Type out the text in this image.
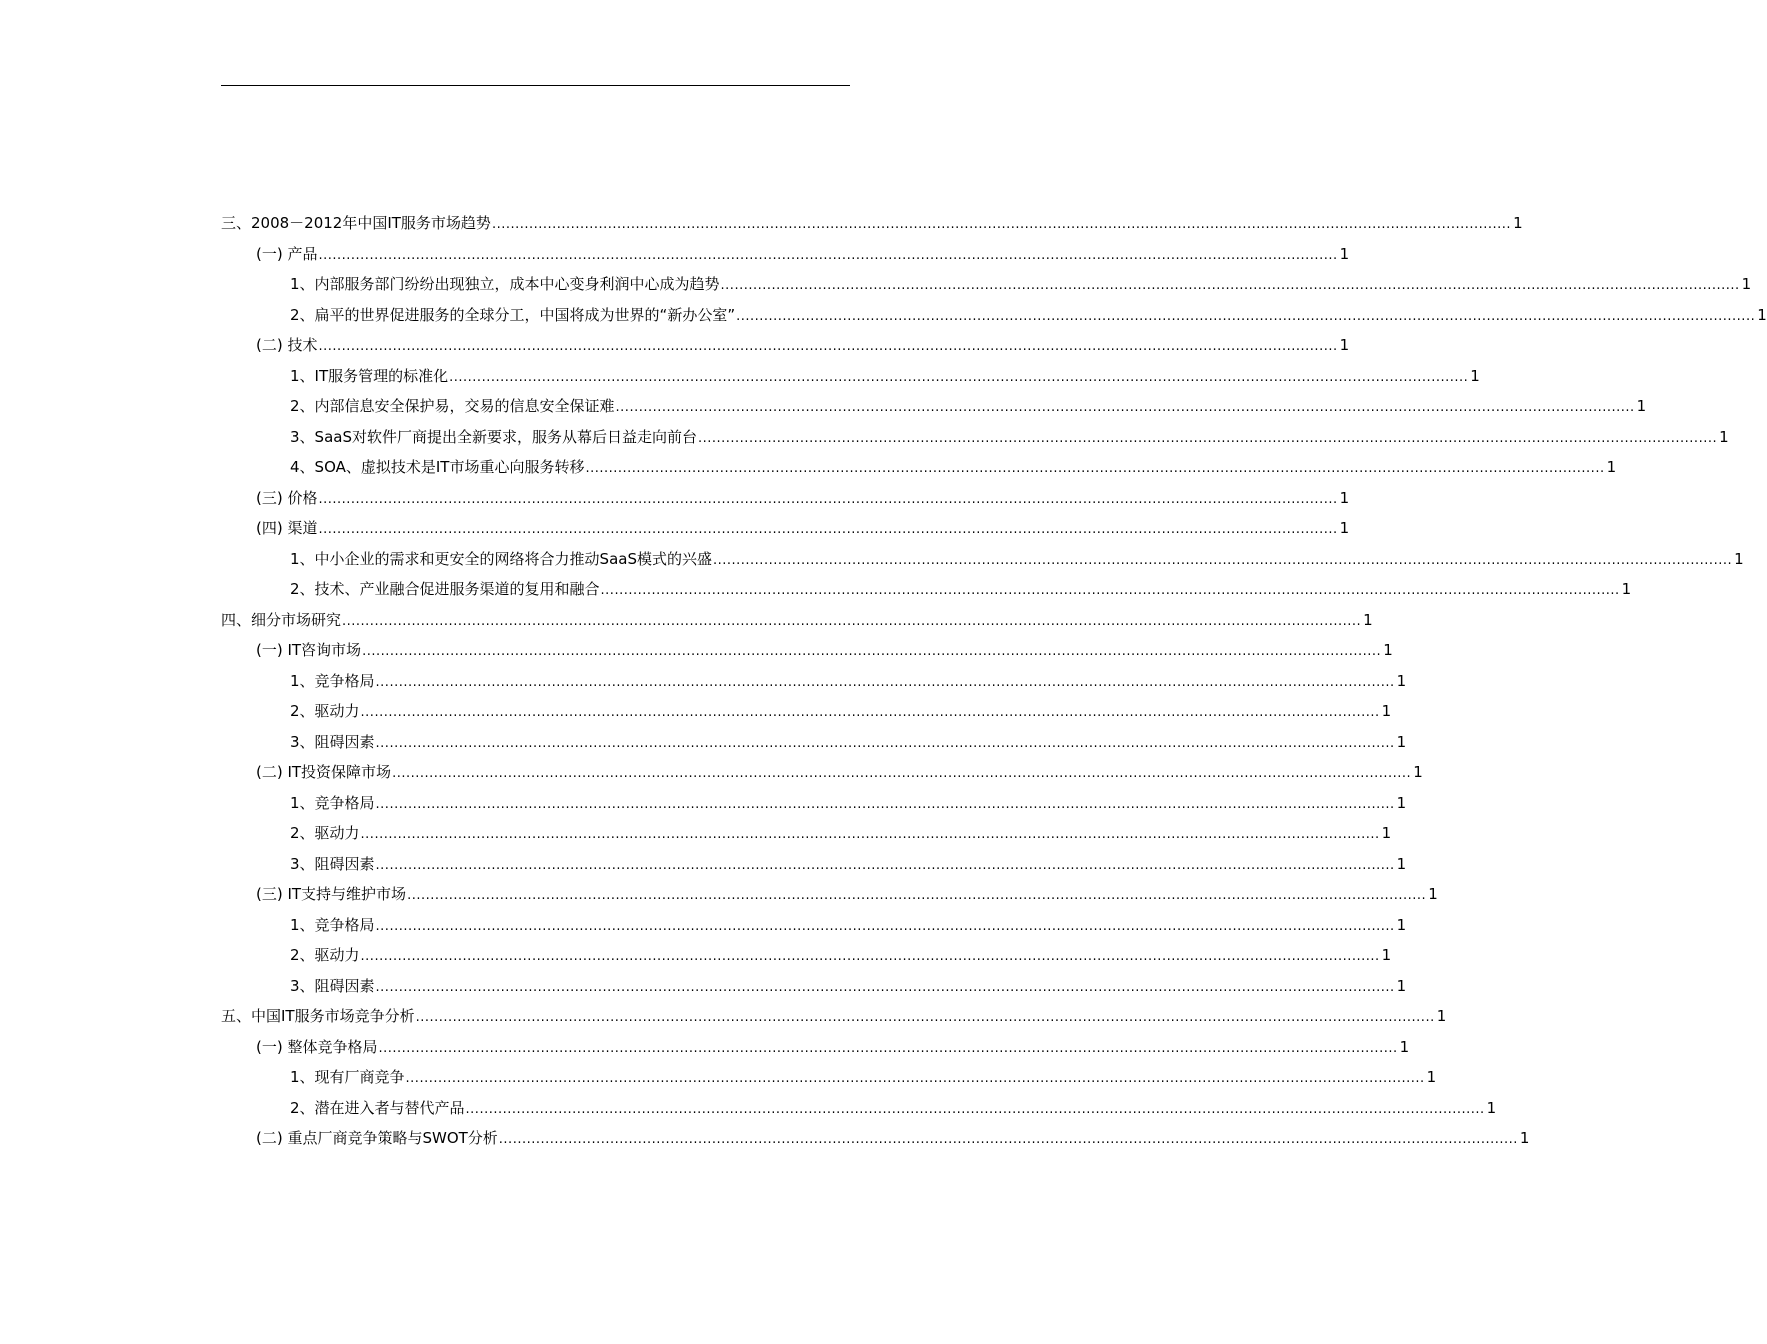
三、2008－2012年中国IT服务市场趋势 ............................................................................................................................................................................................................................ 1
(一) 产品 ............................................................................................................................................................................................................................ 1
1、内部服务部门纷纷出现独立，成本中心变身利润中心成为趋势 ............................................................................................................................................................................................................................ 1
2、扁平的世界促进服务的全球分工，中国将成为世界的“新办公室” ............................................................................................................................................................................................................................ 1
(二) 技术 ............................................................................................................................................................................................................................ 1
1、IT服务管理的标准化 ............................................................................................................................................................................................................................ 1
2、内部信息安全保护易，交易的信息安全保证难 ............................................................................................................................................................................................................................ 1
3、SaaS对软件厂商提出全新要求，服务从幕后日益走向前台 ............................................................................................................................................................................................................................ 1
4、SOA、虚拟技术是IT市场重心向服务转移 ............................................................................................................................................................................................................................ 1
(三) 价格 ............................................................................................................................................................................................................................ 1
(四) 渠道 ............................................................................................................................................................................................................................ 1
1、中小企业的需求和更安全的网络将合力推动SaaS模式的兴盛 ............................................................................................................................................................................................................................ 1
2、技术、产业融合促进服务渠道的复用和融合 ............................................................................................................................................................................................................................ 1
四、细分市场研究 ............................................................................................................................................................................................................................ 1
(一) IT咨询市场 ............................................................................................................................................................................................................................ 1
1、竞争格局 ............................................................................................................................................................................................................................ 1
2、驱动力 ............................................................................................................................................................................................................................ 1
3、阻碍因素 ............................................................................................................................................................................................................................ 1
(二) IT投资保障市场 ............................................................................................................................................................................................................................ 1
1、竞争格局 ............................................................................................................................................................................................................................ 1
2、驱动力 ............................................................................................................................................................................................................................ 1
3、阻碍因素 ............................................................................................................................................................................................................................ 1
(三) IT支持与维护市场 ............................................................................................................................................................................................................................ 1
1、竞争格局 ............................................................................................................................................................................................................................ 1
2、驱动力 ............................................................................................................................................................................................................................ 1
3、阻碍因素 ............................................................................................................................................................................................................................ 1
五、中国IT服务市场竞争分析 ............................................................................................................................................................................................................................ 1
(一) 整体竞争格局 ............................................................................................................................................................................................................................ 1
1、现有厂商竞争 ............................................................................................................................................................................................................................ 1
2、潜在进入者与替代产品 ............................................................................................................................................................................................................................ 1
(二) 重点厂商竞争策略与SWOT分析 ............................................................................................................................................................................................................................ 1
